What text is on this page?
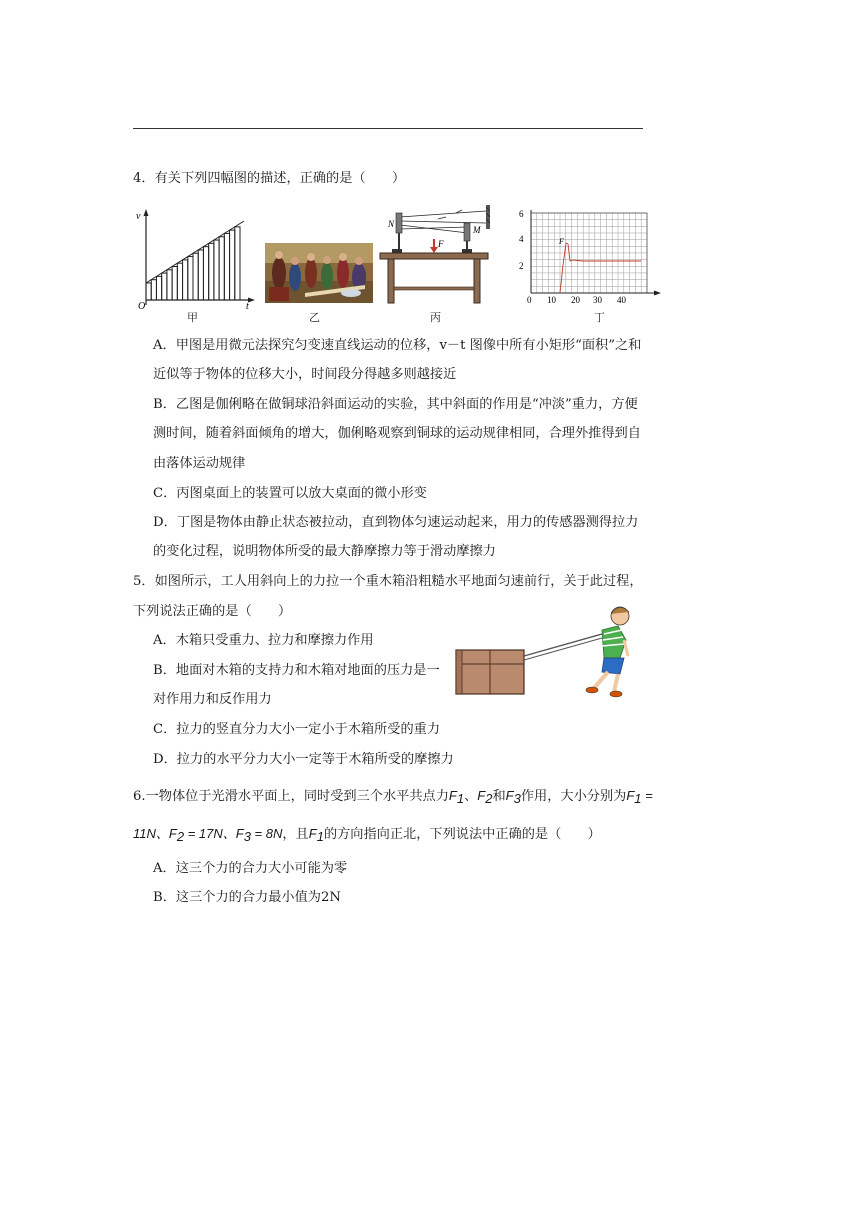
4．有关下列四幅图的描述，正确的是（　　）
v
t
O
甲	乙
N
M
F
丙
6
4
2
0 10 20 30 40
F
丁
A．甲图是用微元法探究匀变速直线运动的位移，v－t 图像中所有小矩形“面积”之和
近似等于物体的位移大小，时间段分得越多则越接近
B．乙图是伽俐略在做铜球沿斜面运动的实验，其中斜面的作用是“冲淡”重力，方便
测时间，随着斜面倾角的增大，伽俐略观察到铜球的运动规律相同，合理外推得到自
由落体运动规律
C．丙图桌面上的装置可以放大桌面的微小形变
D．丁图是物体由静止状态被拉动，直到物体匀速运动起来，用力的传感器测得拉力
的变化过程，说明物体所受的最大静摩擦力等于滑动摩擦力
5．如图所示，工人用斜向上的力拉一个重木箱沿粗糙水平地面匀速前行，关于此过程，
下列说法正确的是（　　）
A．木箱只受重力、拉力和摩擦力作用
B．地面对木箱的支持力和木箱对地面的压力是一
对作用力和反作用力
C．拉力的竖直分力大小一定小于木箱所受的重力
D．拉力的水平分力大小一定等于木箱所受的摩擦力
6.一物体位于光滑水平面上，同时受到三个水平共点力F1、F2和F3作用，大小分别为F1 =
11N、F2 = 17N、F3 = 8N，且F1的方向指向正北，下列说法中正确的是（　　）
A．这三个力的合力大小可能为零
B．这三个力的合力最小值为2N
